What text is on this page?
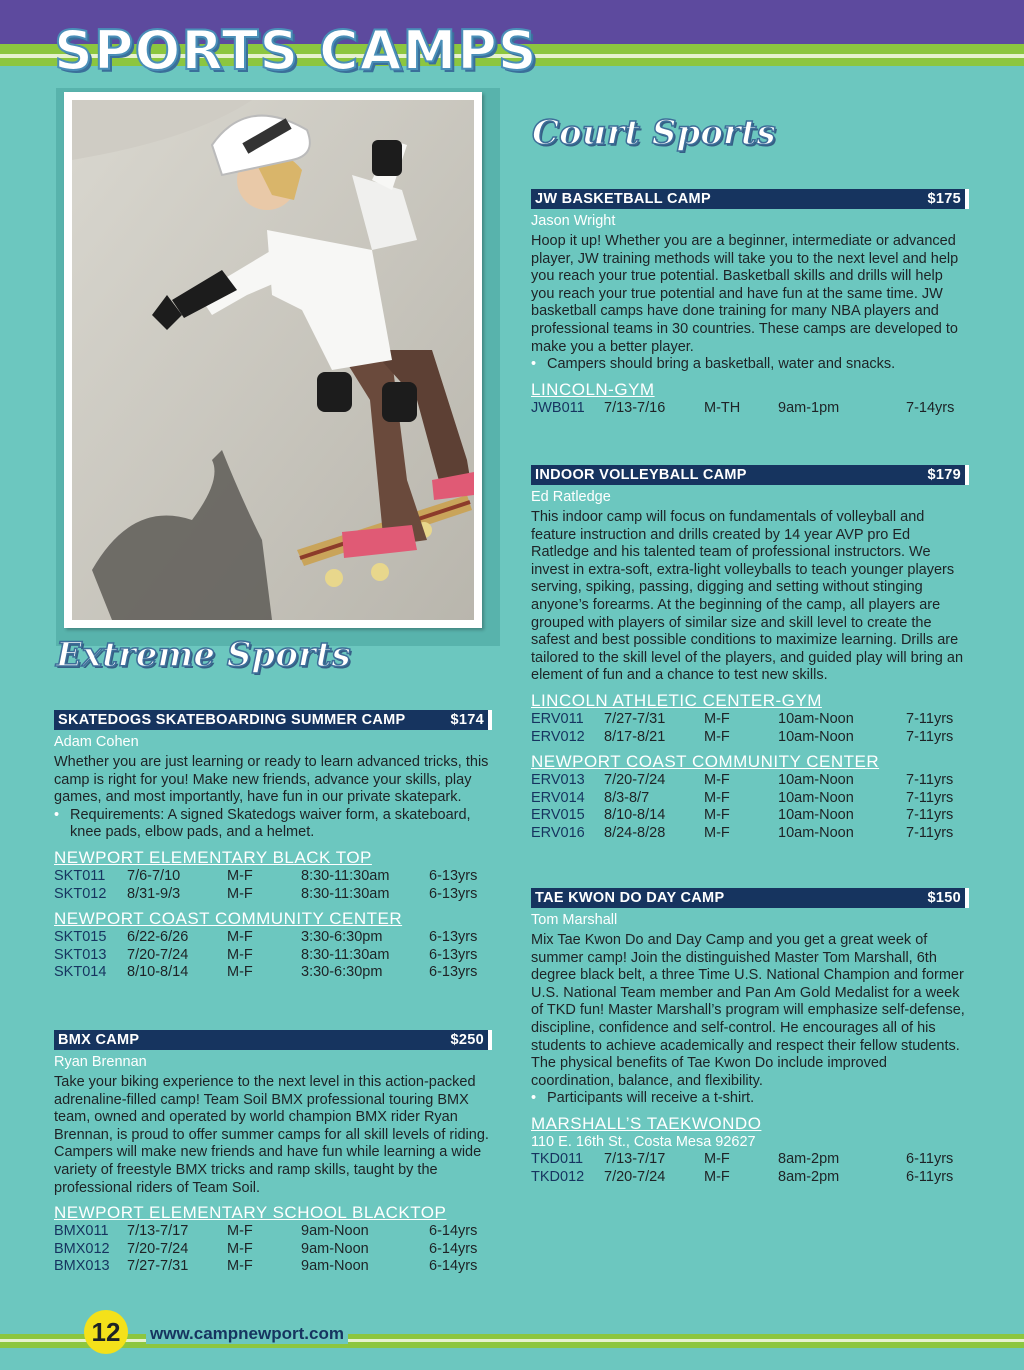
SPORTS CAMPS
Court Sports
Extreme Sports
SKATEDOGS SKATEBOARDING SUMMER CAMP	$174
Adam Cohen
Whether you are just learning or ready to learn advanced tricks, this camp is right for you! Make new friends, advance your skills, play games, and most importantly, have fun in our private skatepark.
• Requirements: A signed Skatedogs waiver form, a skateboard, knee pads, elbow pads, and a helmet.
NEWPORT ELEMENTARY BLACK TOP
SKT011	7/6-7/10	M-F	8:30-11:30am	6-13yrs
SKT012	8/31-9/3	M-F	8:30-11:30am	6-13yrs
NEWPORT COAST COMMUNITY CENTER
SKT015	6/22-6/26	M-F	3:30-6:30pm	6-13yrs
SKT013	7/20-7/24	M-F	8:30-11:30am	6-13yrs
SKT014	8/10-8/14	M-F	3:30-6:30pm	6-13yrs
BMX CAMP	$250
Ryan Brennan
Take your biking experience to the next level in this action-packed adrenaline-filled camp! Team Soil BMX professional touring BMX team, owned and operated by world champion BMX rider Ryan Brennan, is proud to offer summer camps for all skill levels of riding. Campers will make new friends and have fun while learning a wide variety of freestyle BMX tricks and ramp skills, taught by the professional riders of Team Soil.
NEWPORT ELEMENTARY SCHOOL BLACKTOP
BMX011	7/13-7/17	M-F	9am-Noon	6-14yrs
BMX012	7/20-7/24	M-F	9am-Noon	6-14yrs
BMX013	7/27-7/31	M-F	9am-Noon	6-14yrs
JW BASKETBALL CAMP	$175
Jason Wright
Hoop it up! Whether you are a beginner, intermediate or advanced player, JW training methods will take you to the next level and help you reach your true potential. Basketball skills and drills will help you reach your true potential and have fun at the same time. JW basketball camps have done training for many NBA players and professional teams in 30 countries. These camps are developed to make you a better player.
• Campers should bring a basketball, water and snacks.
LINCOLN-GYM
JWB011	7/13-7/16	M-TH	9am-1pm	7-14yrs
INDOOR VOLLEYBALL CAMP	$179
Ed Ratledge
This indoor camp will focus on fundamentals of volleyball and feature instruction and drills created by 14 year AVP pro Ed Ratledge and his talented team of professional instructors. We invest in extra-soft, extra-light volleyballs to teach younger players serving, spiking, passing, digging and setting without stinging anyone’s forearms. At the beginning of the camp, all players are grouped with players of similar size and skill level to create the safest and best possible conditions to maximize learning. Drills are tailored to the skill level of the players, and guided play will bring an element of fun and a chance to test new skills.
LINCOLN ATHLETIC CENTER-GYM
ERV011	7/27-7/31	M-F	10am-Noon	7-11yrs
ERV012	8/17-8/21	M-F	10am-Noon	7-11yrs
NEWPORT COAST COMMUNITY CENTER
ERV013	7/20-7/24	M-F	10am-Noon	7-11yrs
ERV014	8/3-8/7	M-F	10am-Noon	7-11yrs
ERV015	8/10-8/14	M-F	10am-Noon	7-11yrs
ERV016	8/24-8/28	M-F	10am-Noon	7-11yrs
TAE KWON DO DAY CAMP	$150
Tom Marshall
Mix Tae Kwon Do and Day Camp and you get a great week of summer camp! Join the distinguished Master Tom Marshall, 6th degree black belt, a three Time U.S. National Champion and former U.S. National Team member and Pan Am Gold Medalist for a week of TKD fun! Master Marshall’s program will emphasize self-defense, discipline, confidence and self-control. He encourages all of his students to achieve academically and respect their fellow students. The physical benefits of Tae Kwon Do include improved coordination, balance, and flexibility.
• Participants will receive a t-shirt.
MARSHALL’S TAEKWONDO
110 E. 16th St., Costa Mesa 92627
TKD011	7/13-7/17	M-F	8am-2pm	6-11yrs
TKD012	7/20-7/24	M-F	8am-2pm	6-11yrs
12	www.campnewport.com
